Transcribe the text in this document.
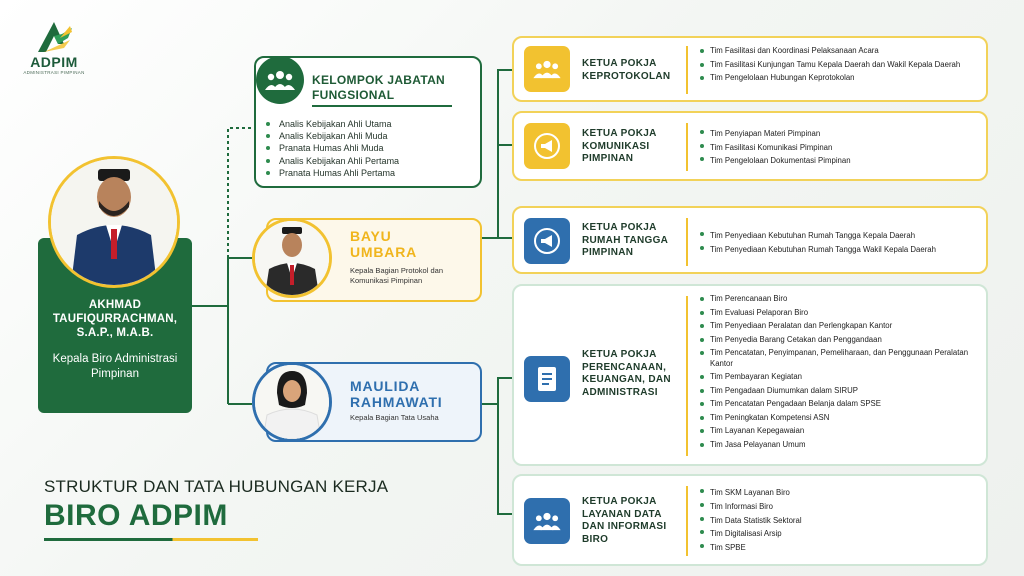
ADPIM
ADMINISTRASI PIMPINAN
AKHMAD TAUFIQURRACHMAN, S.A.P., M.A.B.
Kepala Biro Administrasi Pimpinan
KELOMPOK JABATAN FUNGSIONAL
Analis Kebijakan Ahli Utama
Analis Kebijakan Ahli Muda
Pranata Humas Ahli Muda
Analis Kebijakan Ahli Pertama
Pranata Humas Ahli Pertama
BAYU UMBARA
Kepala Bagian Protokol dan Komunikasi Pimpinan
MAULIDA RAHMAWATI
Kepala Bagian Tata Usaha
KETUA POKJA KEPROTOKOLAN
Tim Fasilitasi dan Koordinasi Pelaksanaan Acara
Tim Fasilitasi Kunjungan Tamu Kepala Daerah dan Wakil Kepala Daerah
Tim Pengelolaan Hubungan Keprotokolan
KETUA POKJA KOMUNIKASI PIMPINAN
Tim Penyiapan Materi Pimpinan
Tim Fasilitasi Komunikasi Pimpinan
Tim Pengelolaan Dokumentasi Pimpinan
KETUA POKJA RUMAH TANGGA PIMPINAN
Tim Penyediaan Kebutuhan Rumah Tangga Kepala Daerah
Tim Penyediaan Kebutuhan Rumah Tangga Wakil Kepala Daerah
KETUA POKJA PERENCANAAN, KEUANGAN, DAN ADMINISTRASI
Tim Perencanaan Biro
Tim Evaluasi Pelaporan Biro
Tim Penyediaan Peralatan dan Perlengkapan Kantor
Tim Penyedia Barang Cetakan dan Penggandaan
Tim Pencatatan, Penyimpanan, Pemeliharaan, dan Penggunaan Peralatan Kantor
Tim Pembayaran Kegiatan
Tim Pengadaan Diumumkan dalam SIRUP
Tim Pencatatan Pengadaan Belanja dalam SPSE
Tim Peningkatan Kompetensi ASN
Tim Layanan Kepegawaian
Tim Jasa Pelayanan Umum
KETUA POKJA LAYANAN DATA DAN INFORMASI BIRO
Tim SKM Layanan Biro
Tim Informasi Biro
Tim Data Statistik Sektoral
Tim Digitalisasi Arsip
Tim SPBE
STRUKTUR DAN TATA HUBUNGAN KERJA
BIRO ADPIM
